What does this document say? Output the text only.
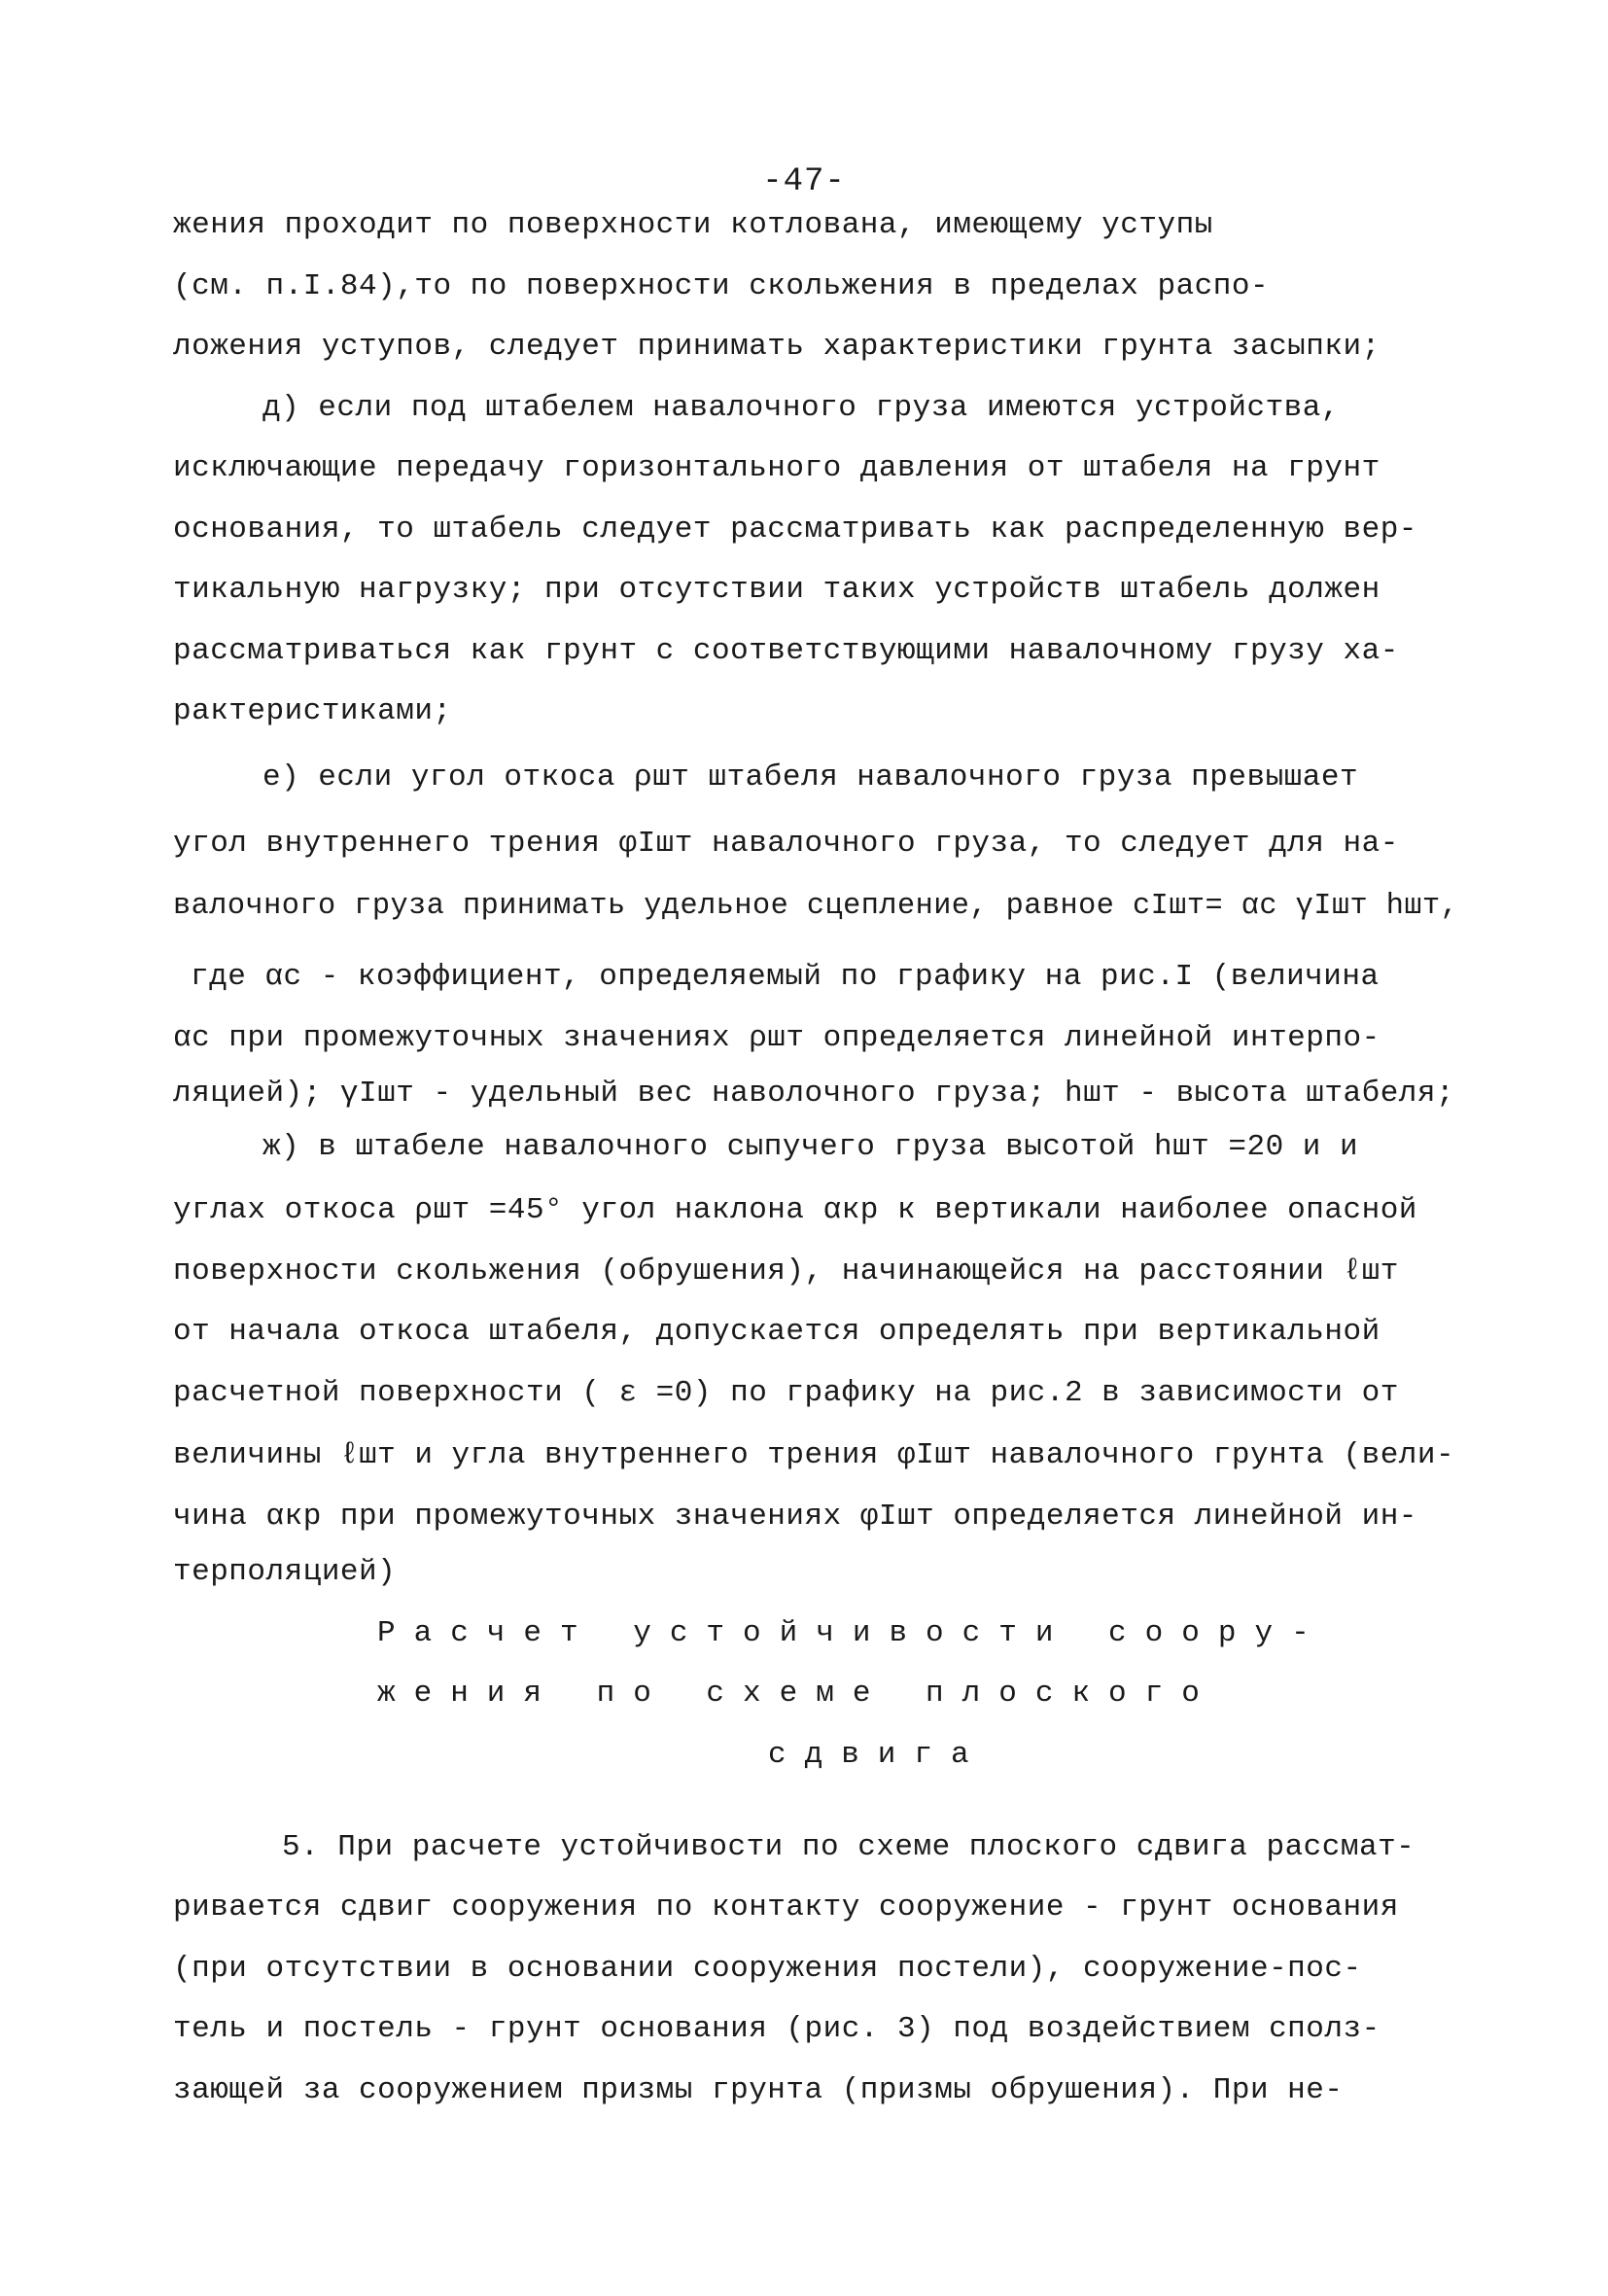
-47-
жения проходит по поверхности котлована, имеющему уступы
(см. п.I.84),то по поверхности скольжения в пределах распо-
ложения уступов, следует принимать характеристики грунта засыпки;
д) если под штабелем навалочного груза имеются устройства,
исключающие передачу горизонтального давления от штабеля на грунт
основания, то штабель следует рассматривать как распределенную вер-
тикальную нагрузку; при отсутствии таких устройств штабель должен
рассматриваться как грунт с соответствующими навалочному грузу ха-
рактеристиками;
е) если угол откоса ρшт штабеля навалочного груза превышает
угол внутреннего трения φIшт навалочного груза, то следует для на-
валочного груза принимать удельное сцепление, равное cIшт= αc γIшт hшт,
где αc - коэффициент, определяемый по графику на рис.I (величина
αc при промежуточных значениях ρшт определяется линейной интерпо-
ляцией); γIшт - удельный вес наволочного груза; hшт - высота штабеля;
ж) в штабеле навалочного сыпучего груза высотой hшт =20 и и
углах откоса ρшт =45° угол наклона αкр к вертикали наиболее опасной
поверхности скольжения (обрушения), начинающейся на расстоянии ℓшт
от начала откоса штабеля, допускается определять при вертикальной
расчетной поверхности ( ε =0) по графику на рис.2 в зависимости от
величины ℓшт и угла внутреннего трения φIшт навалочного грунта (вели-
чина αкр при промежуточных значениях φIшт определяется линейной ин-
терполяцией)
Расчет устойчивости соору-
жения по схеме плоского
сдвига
5. При расчете устойчивости по схеме плоского сдвига рассмат-
ривается сдвиг сооружения по контакту сооружение - грунт основания
(при отсутствии в основании сооружения постели), сооружение-пос-
тель и постель - грунт основания (рис. 3) под воздействием сполз-
зающей за сооружением призмы грунта (призмы обрушения). При не-
